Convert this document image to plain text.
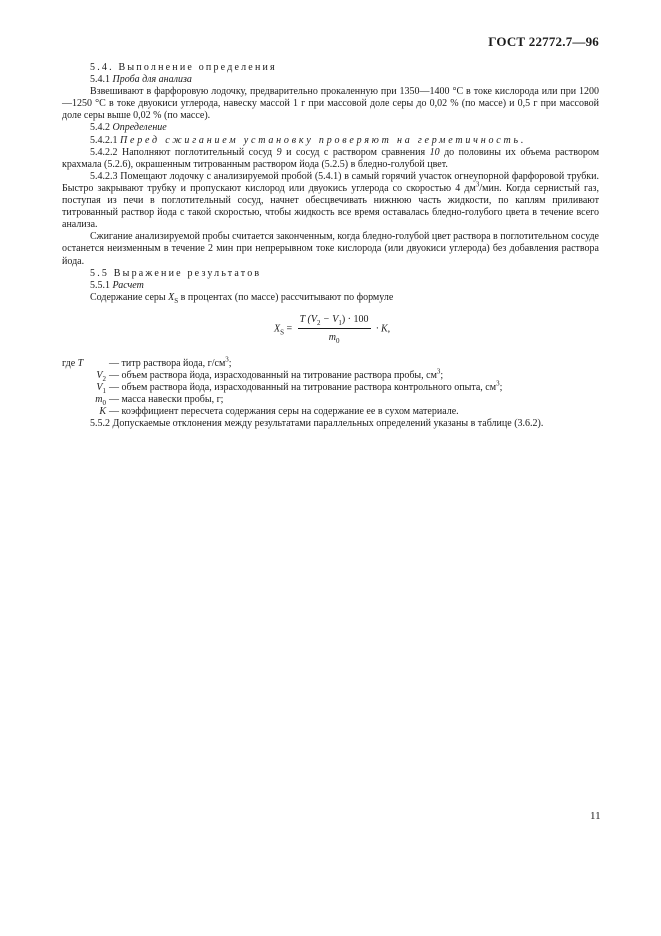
ГОСТ 22772.7—96

5.4. Выполнение определения

5.4.1 Проба для анализа

Взвешивают в фарфоровую лодочку, предварительно прокаленную при 1350—1400 °С в токе кислорода или при 1200—1250 °С в токе двуокиси углерода, навеску массой 1 г при массовой доле серы до 0,02 % (по массе) и 0,5 г при массовой доле серы выше 0,02 % (по массе).

5.4.2 Определение

5.4.2.1 Перед сжиганием установку проверяют на герметичность.

5.4.2.2 Наполняют поглотительный сосуд 9 и сосуд с раствором сравнения 10 до половины их объема раствором крахмала (5.2.6), окрашенным титрованным раствором йода (5.2.5) в бледно-голубой цвет.

5.4.2.3 Помещают лодочку с анализируемой пробой (5.4.1) в самый горячий участок огнеупорной фарфоровой трубки. Быстро закрывают трубку и пропускают кислород или двуокись углерода со скоростью 4 $дм^3$/мин. Когда сернистый газ, поступая из печи в поглотительный сосуд, начнет обесцвечивать нижнюю часть жидкости, по каплям приливают титрованный раствор йода с такой скоростью, чтобы жидкость все время оставалась бледно-голубого цвета в течение всего анализа.

Сжигание анализируемой пробы считается законченным, когда бледно-голубой цвет раствора в поглотительном сосуде останется неизменным в течение 2 мин при непрерывном токе кислорода (или двуокиси углерода) без добавления раствора йода.

5.5 Выражение результатов

5.5.1 Расчет

Содержание серы $X_S$ в процентах (по массе) рассчитывают по формуле

$X_S = \frac{T (V_2 - V_1) \cdot 100}{m_0} \cdot K$,
где T	— титр раствора йода, $г/см^3$;
$V_2$ — объем раствора йода, израсходованный на титрование раствора пробы, $см^3$;
$V_1$ — объем раствора йода, израсходованный на титрование раствора контрольного опыта, $см^3$;
$m_0$ — масса навески пробы, г;
K — коэффициент пересчета содержания серы на содержание ее в сухом материале.

5.5.2 Допускаемые отклонения между результатами параллельных определений указаны в таблице (3.6.2).

11
